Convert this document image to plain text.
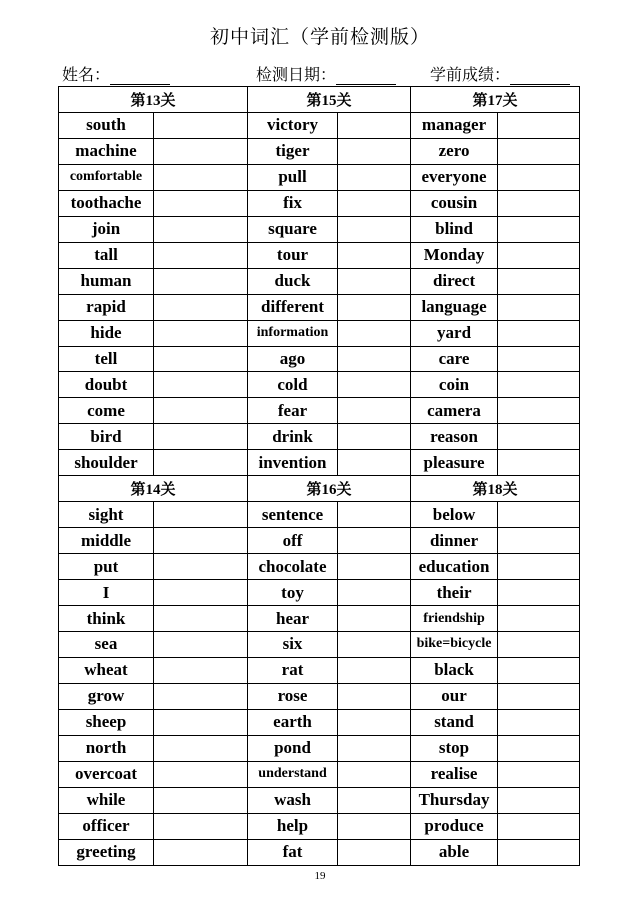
初中词汇（学前检测版）
姓名：	检测日期：	学前成绩：
第13关		第15关		第17关	
south		victory		manager	
machine		tiger		zero	
comfortable		pull		everyone	
toothache		fix		cousin	
join		square		blind	
tall		tour		Monday	
human		duck		direct	
rapid		different		language	
hide		information		yard	
tell		ago		care	
doubt		cold		coin	
come		fear		camera	
bird		drink		reason	
shoulder		invention		pleasure	
第14关		第16关		第18关	
sight		sentence		below	
middle		off		dinner	
put		chocolate		education	
I		toy		their	
think		hear		friendship	
sea		six		bike=bicycle	
wheat		rat		black	
grow		rose		our	
sheep		earth		stand	
north		pond		stop	
overcoat		understand		realise	
while		wash		Thursday	
officer		help		produce	
greeting		fat		able	
19
